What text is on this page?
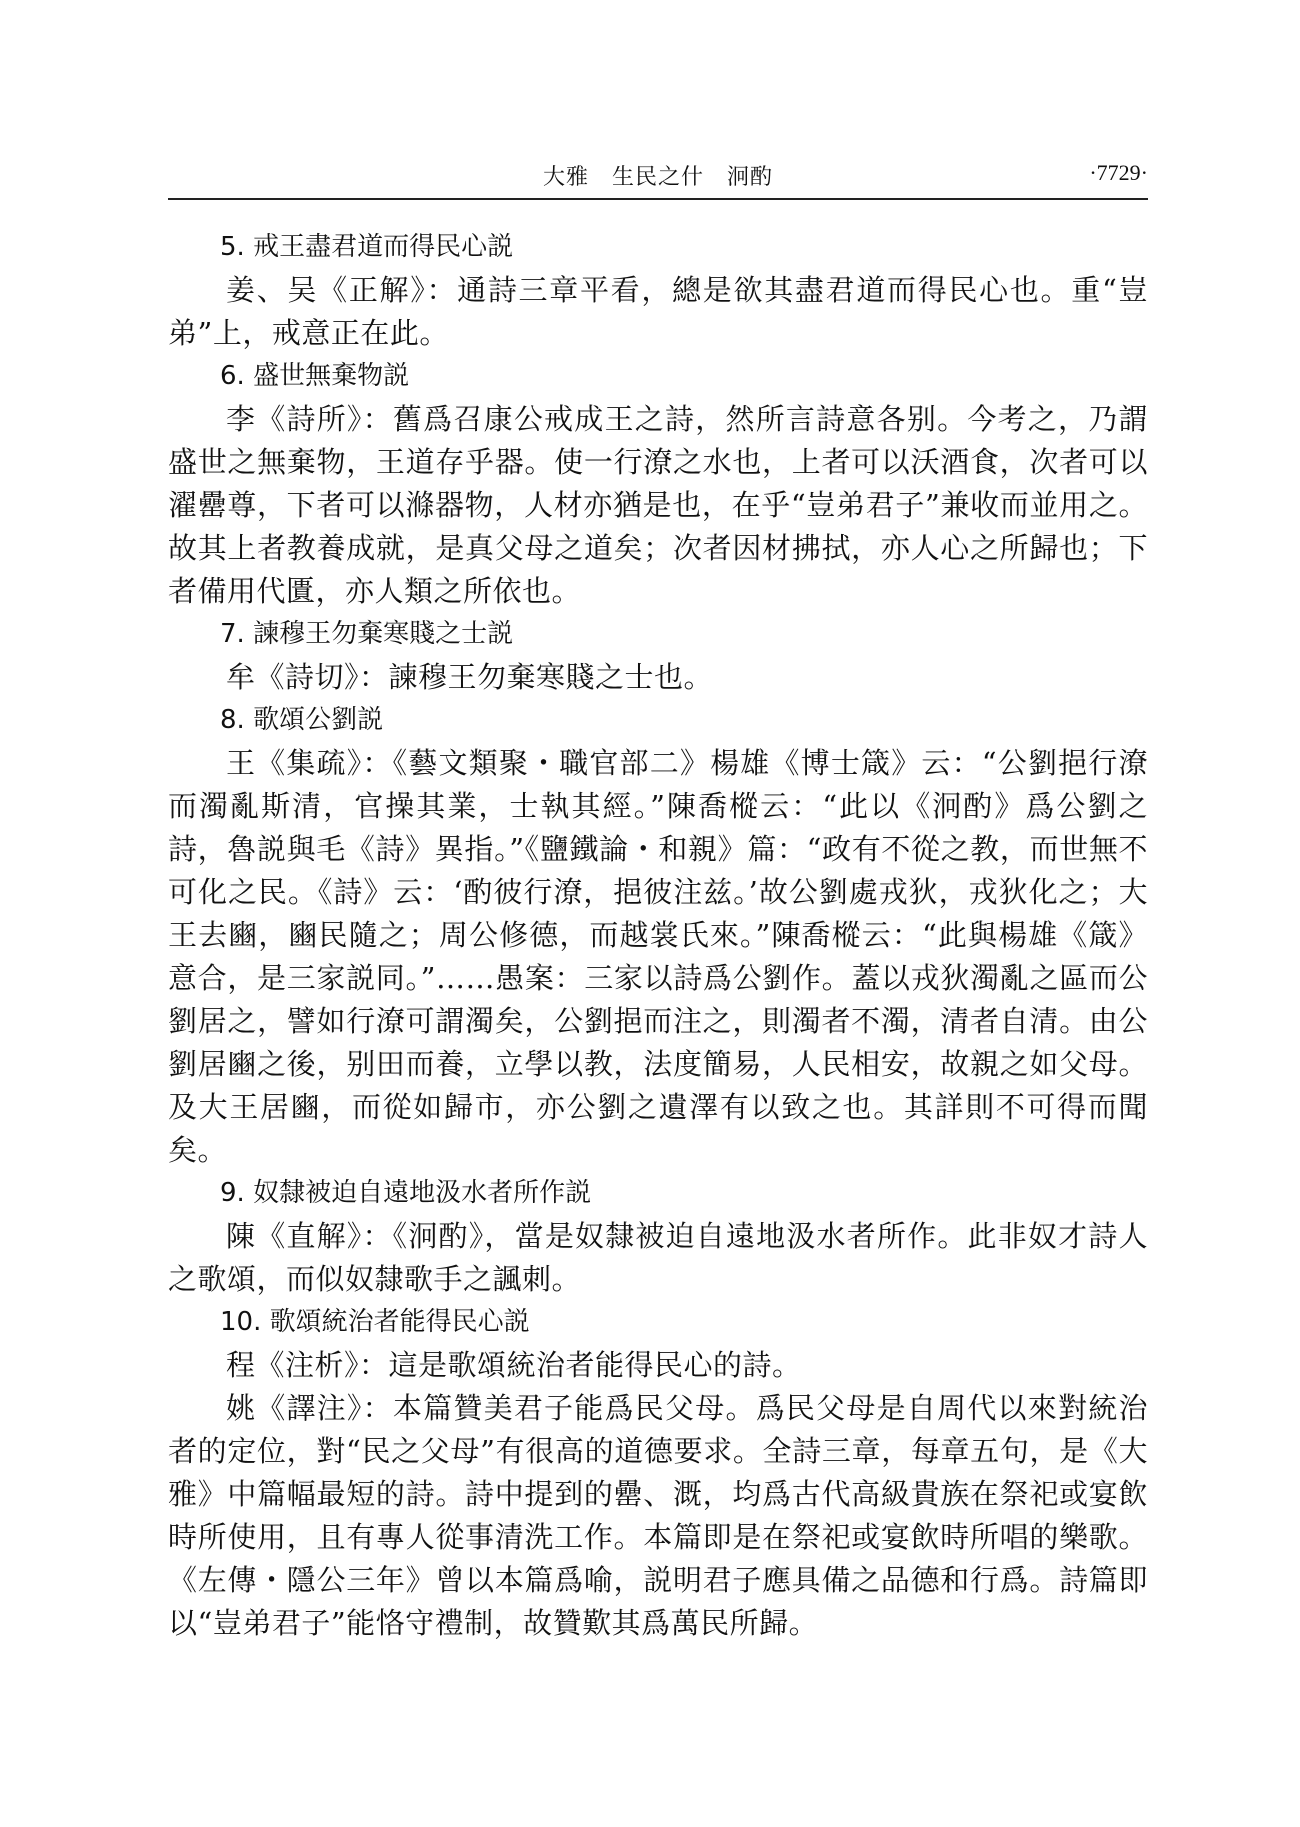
大雅　生民之什　泂酌	·7729·

5. 戒王盡君道而得民心説

姜、吴《正解》：通詩三章平看，總是欲其盡君道而得民心也。重“豈弟”上，戒意正在此。

6. 盛世無棄物説

李《詩所》：舊爲召康公戒成王之詩，然所言詩意各别。今考之，乃謂盛世之無棄物，王道存乎器。使一行潦之水也，上者可以沃酒食，次者可以濯罍尊，下者可以滌器物，人材亦猶是也，在乎“豈弟君子”兼收而並用之。故其上者教養成就，是真父母之道矣；次者因材拂拭，亦人心之所歸也；下者備用代匱，亦人類之所依也。

7. 諫穆王勿棄寒賤之士説

牟《詩切》：諫穆王勿棄寒賤之士也。

8. 歌頌公劉説

王《集疏》：《藝文類聚・職官部二》楊雄《博士箴》云：“公劉挹行潦而濁亂斯清，官操其業，士執其經。”陳喬樅云：“此以《泂酌》爲公劉之詩，魯説與毛《詩》異指。”《鹽鐵論・和親》篇：“政有不從之教，而世無不可化之民。《詩》云：‘酌彼行潦，挹彼注兹。’故公劉處戎狄，戎狄化之；大王去豳，豳民隨之；周公修德，而越裳氏來。”陳喬樅云：“此與楊雄《箴》意合，是三家説同。”……愚案：三家以詩爲公劉作。蓋以戎狄濁亂之區而公劉居之，譬如行潦可謂濁矣，公劉挹而注之，則濁者不濁，清者自清。由公劉居豳之後，别田而養，立學以教，法度簡易，人民相安，故親之如父母。及大王居豳，而從如歸市，亦公劉之遺澤有以致之也。其詳則不可得而聞矣。

9. 奴隸被迫自遠地汲水者所作説

陳《直解》：《泂酌》，當是奴隸被迫自遠地汲水者所作。此非奴才詩人之歌頌，而似奴隸歌手之諷刺。

10. 歌頌統治者能得民心説

程《注析》：這是歌頌統治者能得民心的詩。

姚《譯注》：本篇贊美君子能爲民父母。爲民父母是自周代以來對統治者的定位，對“民之父母”有很高的道德要求。全詩三章，每章五句，是《大雅》中篇幅最短的詩。詩中提到的罍、溉，均爲古代高級貴族在祭祀或宴飲時所使用，且有專人從事清洗工作。本篇即是在祭祀或宴飲時所唱的樂歌。《左傳・隱公三年》曾以本篇爲喻，説明君子應具備之品德和行爲。詩篇即以“豈弟君子”能恪守禮制，故贊歎其爲萬民所歸。
